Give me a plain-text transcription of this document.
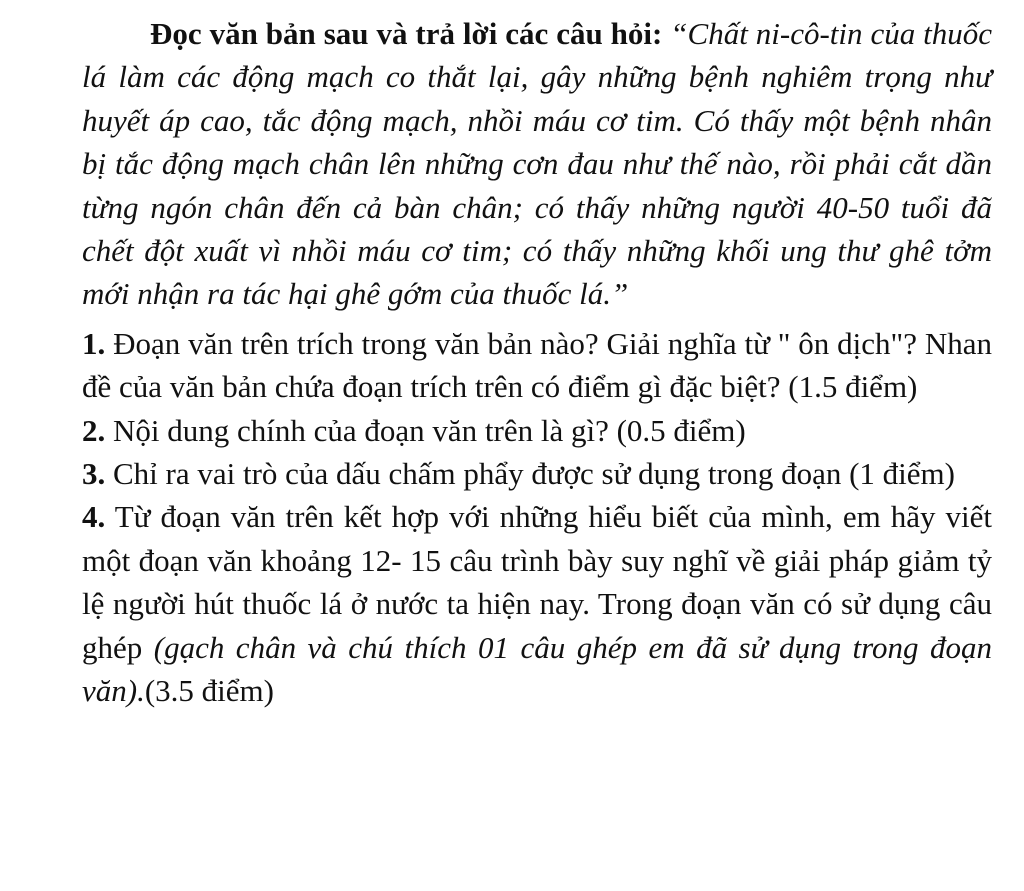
Đọc văn bản sau và trả lời các câu hỏi: “Chất ni-cô-tin của thuốc lá làm các động mạch co thắt lại, gây những bệnh nghiêm trọng như huyết áp cao, tắc động mạch, nhồi máu cơ tim. Có thấy một bệnh nhân bị tắc động mạch chân lên những cơn đau như thế nào, rồi phải cắt dần từng ngón chân đến cả bàn chân; có thấy những người 40-50 tuổi đã chết đột xuất vì nhồi máu cơ tim; có thấy những khối ung thư ghê tởm mới nhận ra tác hại ghê gớm của thuốc lá.”

1. Đoạn văn trên trích trong văn bản nào? Giải nghĩa từ " ôn dịch"? Nhan đề của văn bản chứa đoạn trích trên có điểm gì đặc biệt? (1.5 điểm)

2. Nội dung chính của đoạn văn trên là gì? (0.5 điểm)

3. Chỉ ra vai trò của dấu chấm phẩy được sử dụng trong đoạn (1 điểm)

4. Từ đoạn văn trên kết hợp với những hiểu biết của mình, em hãy viết một đoạn văn khoảng 12- 15 câu trình bày suy nghĩ về giải pháp giảm tỷ lệ người hút thuốc lá ở nước ta hiện nay. Trong đoạn văn có sử dụng câu ghép (gạch chân và chú thích 01 câu ghép em đã sử dụng trong đoạn văn).(3.5 điểm)
